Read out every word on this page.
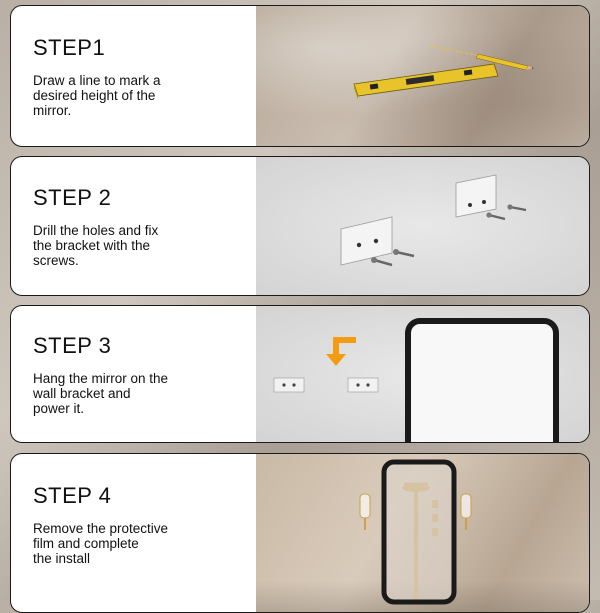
STEP1
Draw a line to mark a
desired height of the
mirror.
STEP 2
Drill the holes and fix
the bracket with the
screws.
STEP 3
Hang the mirror on the
wall bracket and
power it.
STEP 4
Remove the protective
film and complete
the install
